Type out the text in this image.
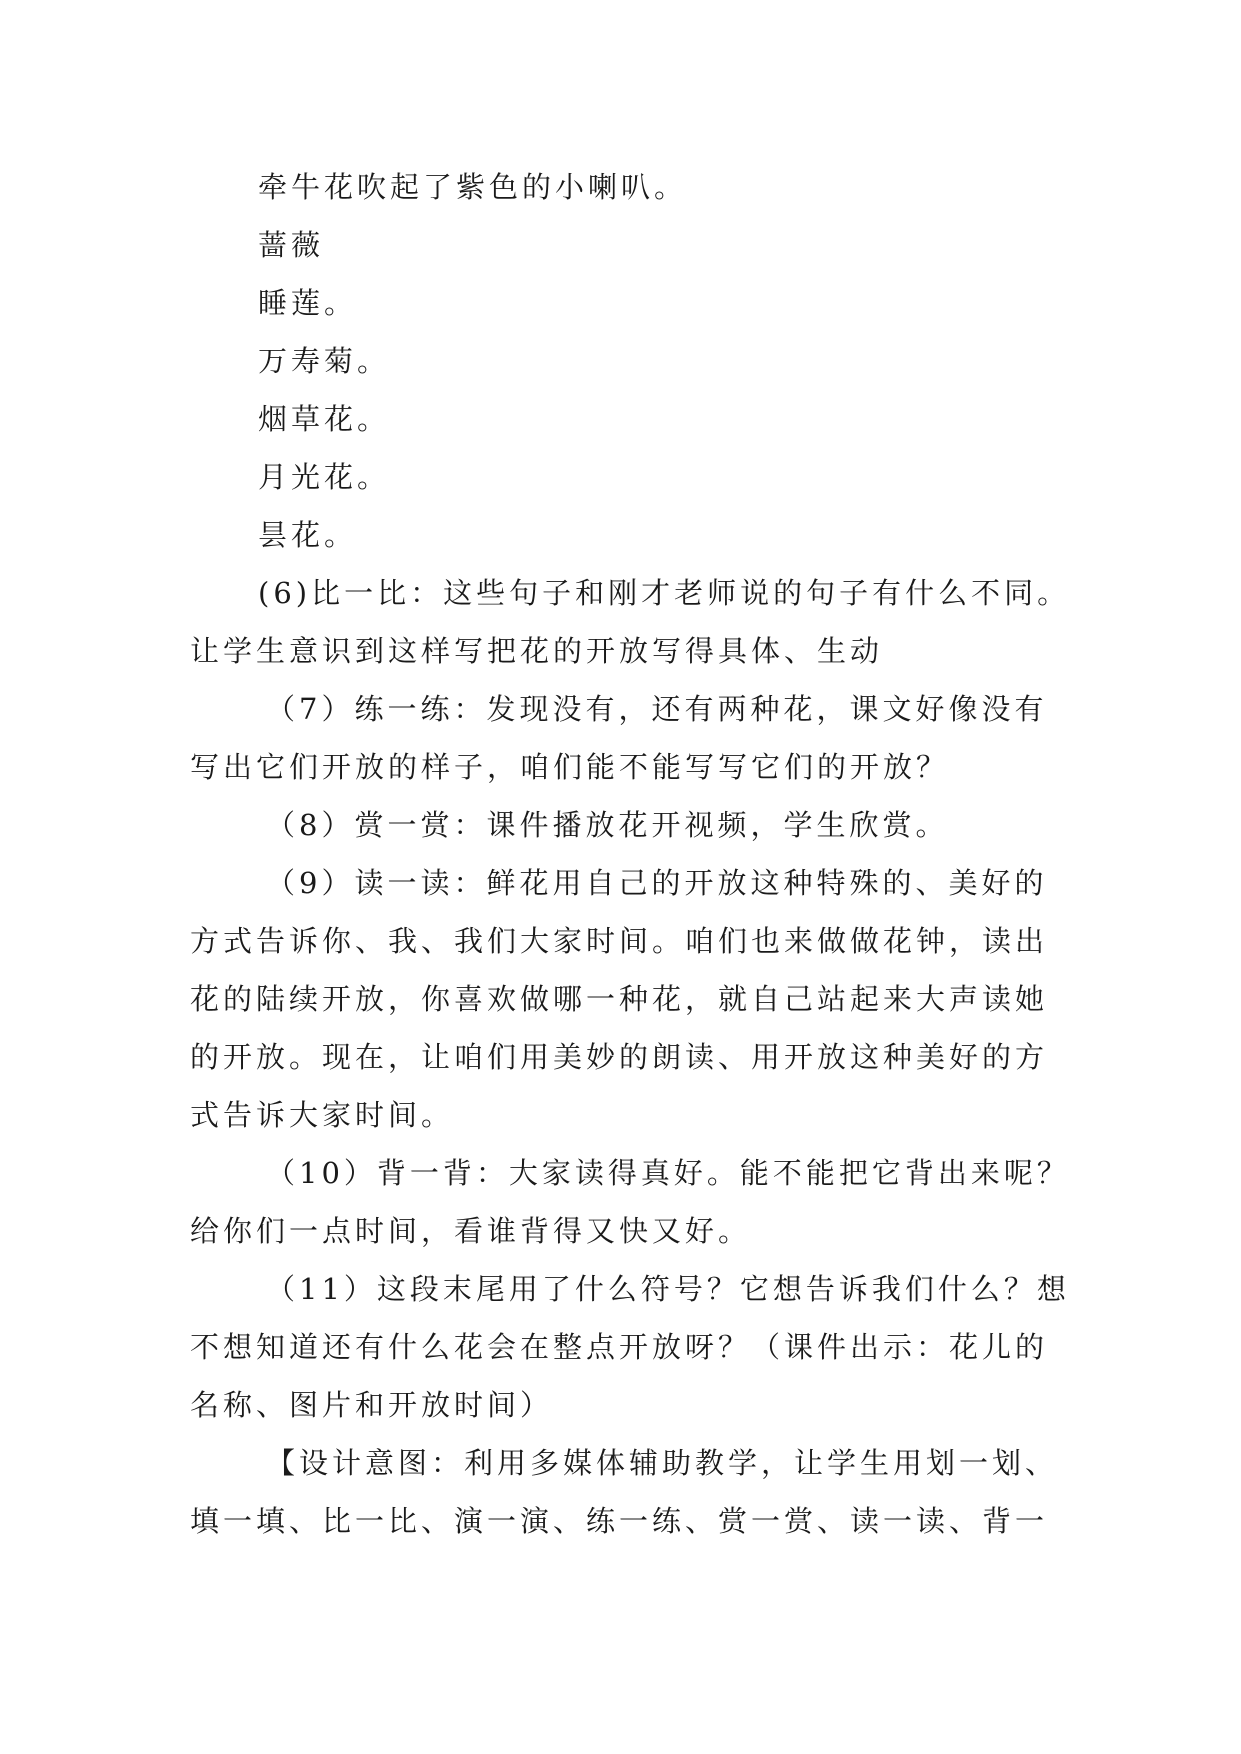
牵牛花吹起了紫色的小喇叭。
蔷薇
睡莲。
万寿菊。
烟草花。
月光花。
昙花。
(6)比一比：这些句子和刚才老师说的句子有什么不同。
让学生意识到这样写把花的开放写得具体、生动
（7）练一练：发现没有，还有两种花，课文好像没有
写出它们开放的样子，咱们能不能写写它们的开放？
（8）赏一赏：课件播放花开视频，学生欣赏。
（9）读一读：鲜花用自己的开放这种特殊的、美好的
方式告诉你、我、我们大家时间。咱们也来做做花钟，读出
花的陆续开放，你喜欢做哪一种花，就自己站起来大声读她
的开放。现在，让咱们用美妙的朗读、用开放这种美好的方
式告诉大家时间。
（10）背一背：大家读得真好。能不能把它背出来呢？
给你们一点时间，看谁背得又快又好。
（11）这段末尾用了什么符号？它想告诉我们什么？想
不想知道还有什么花会在整点开放呀？（课件出示：花儿的
名称、图片和开放时间）
【设计意图：利用多媒体辅助教学，让学生用划一划、
填一填、比一比、演一演、练一练、赏一赏、读一读、背一
